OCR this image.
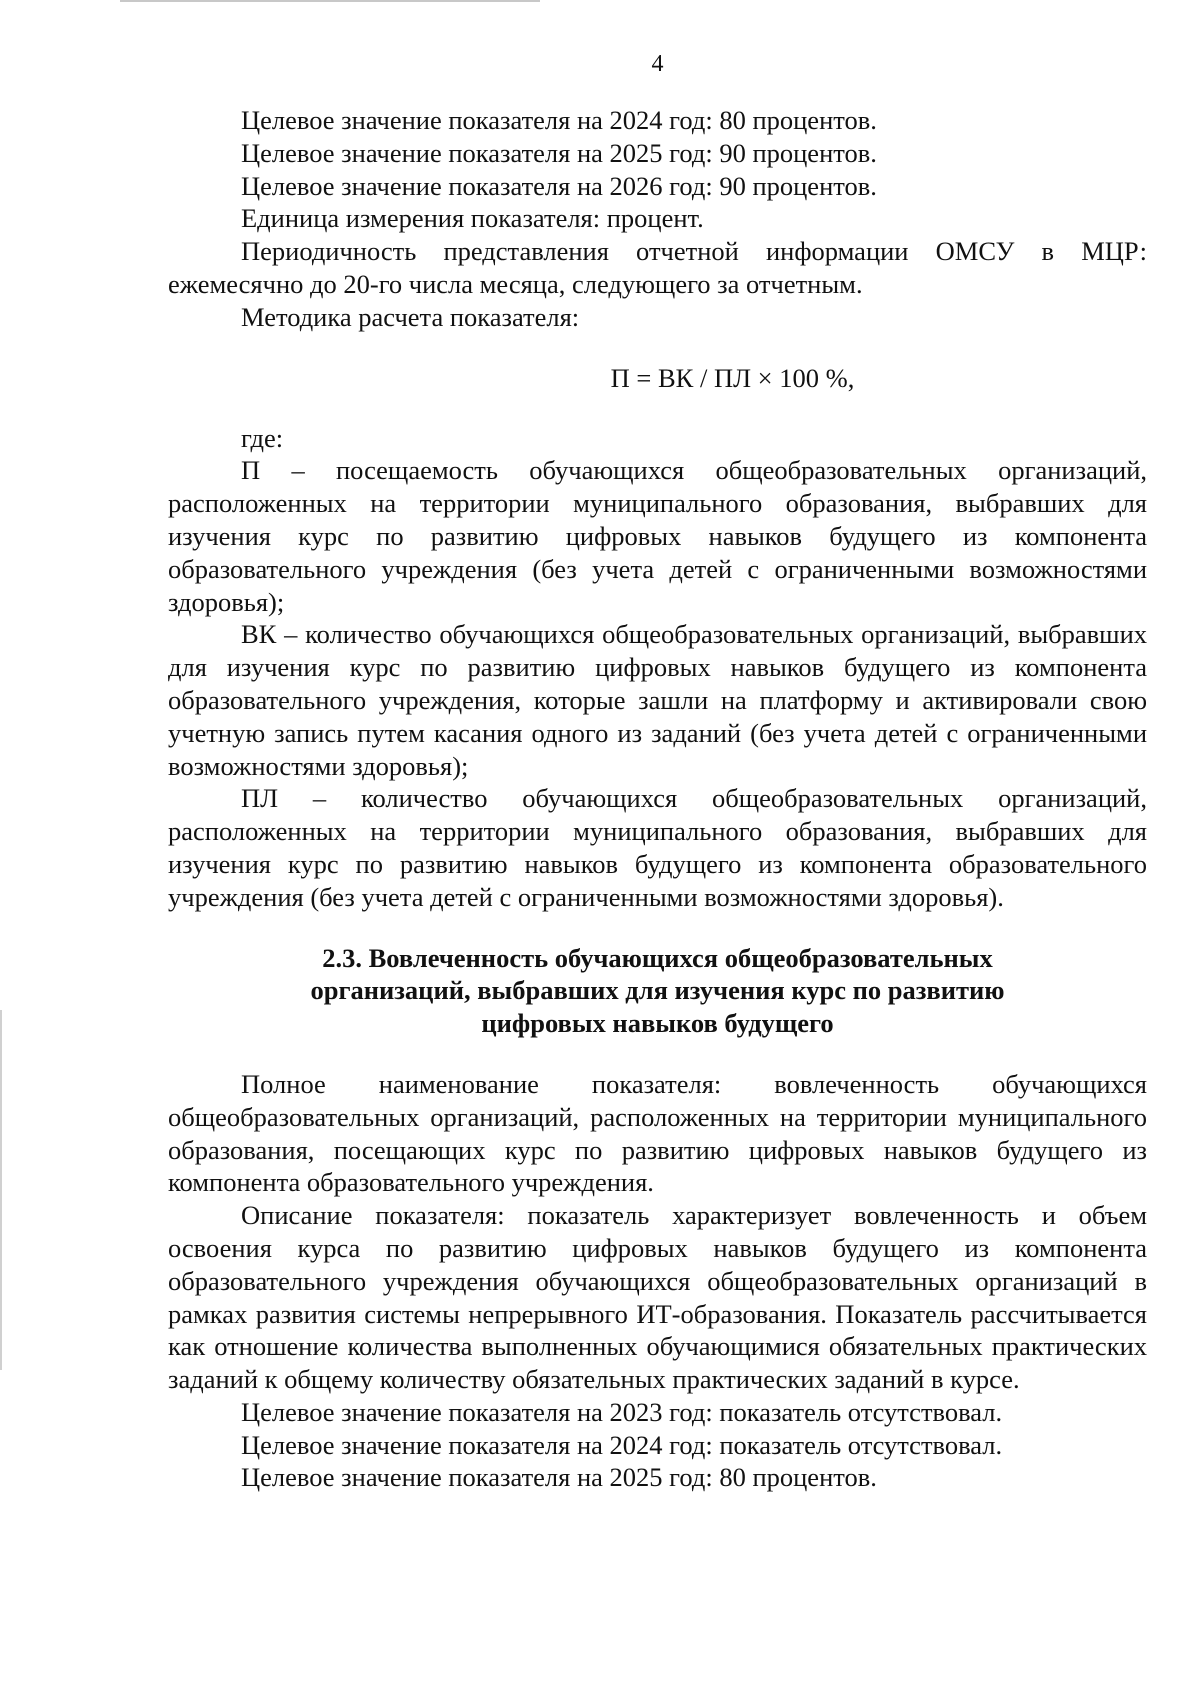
4

Целевое значение показателя на 2024 год: 80 процентов.

Целевое значение показателя на 2025 год: 90 процентов.

Целевое значение показателя на 2026 год: 90 процентов.

Единица измерения показателя: процент.

Периодичность представления отчетной информации ОМСУ в МЦР: ежемесячно до 20-го числа месяца, следующего за отчетным.

Методика расчета показателя:

П = ВК / ПЛ × 100 %,

где:

П – посещаемость обучающихся общеобразовательных организаций, расположенных на территории муниципального образования, выбравших для изучения курс по развитию цифровых навыков будущего из компонента образовательного учреждения (без учета детей с ограниченными возможностями здоровья);

ВК – количество обучающихся общеобразовательных организаций, выбравших для изучения курс по развитию цифровых навыков будущего из компонента образовательного учреждения, которые зашли на платформу и активировали свою учетную запись путем касания одного из заданий (без учета детей с ограниченными возможностями здоровья);

ПЛ – количество обучающихся общеобразовательных организаций, расположенных на территории муниципального образования, выбравших для изучения курс по развитию навыков будущего из компонента образовательного учреждения (без учета детей с ограниченными возможностями здоровья).

2.3. Вовлеченность обучающихся общеобразовательных
организаций, выбравших для изучения курс по развитию
цифровых навыков будущего

Полное наименование показателя: вовлеченность обучающихся общеобразовательных организаций, расположенных на территории муниципального образования, посещающих курс по развитию цифровых навыков будущего из компонента образовательного учреждения.

Описание показателя: показатель характеризует вовлеченность и объем освоения курса по развитию цифровых навыков будущего из компонента образовательного учреждения обучающихся общеобразовательных организаций в рамках развития системы непрерывного ИТ-образования. Показатель рассчитывается как отношение количества выполненных обучающимися обязательных практических заданий к общему количеству обязательных практических заданий в курсе.

Целевое значение показателя на 2023 год: показатель отсутствовал.

Целевое значение показателя на 2024 год: показатель отсутствовал.

Целевое значение показателя на 2025 год: 80 процентов.
